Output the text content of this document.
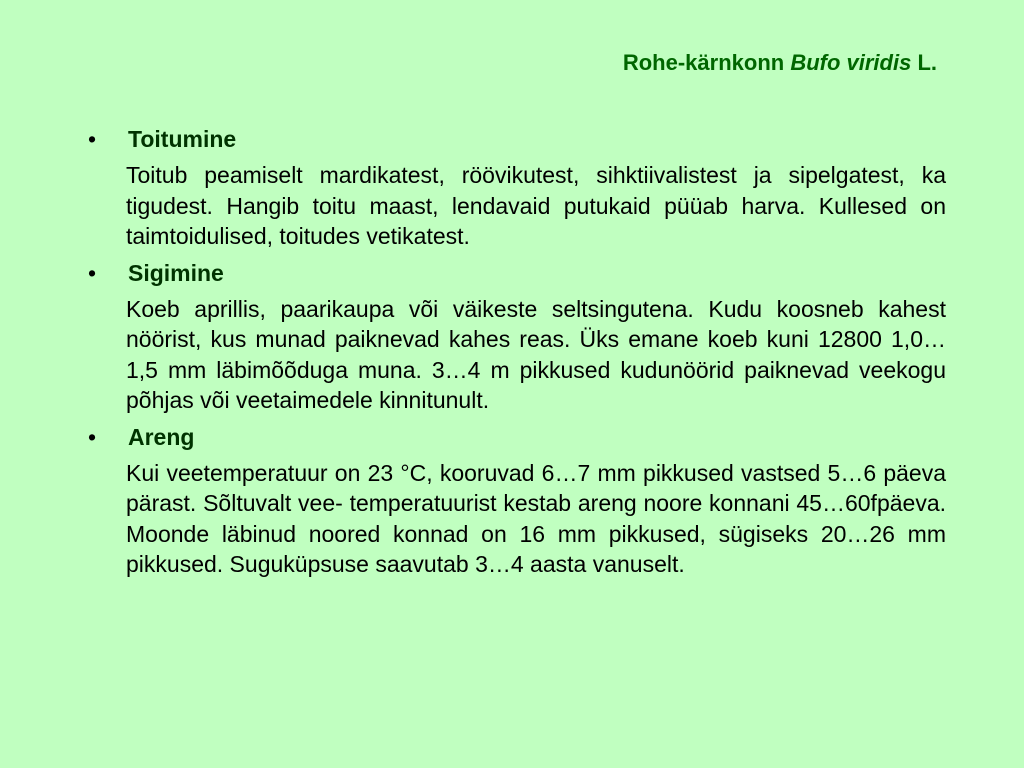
Rohe-kärnkonn Bufo viridis L.
•	Toitumine
Toitub peamiselt mardikatest, röövikutest, sihktiivalistest ja sipelgatest, ka tigudest. Hangib toitu maast, lendavaid putukaid püüab harva. Kullesed on taimtoidulised, toitudes vetikatest.
•	Sigimine
Koeb aprillis, paarikaupa või väikeste seltsingutena. Kudu koosneb kahest nöörist, kus munad paiknevad kahes reas. Üks emane koeb kuni 12800 1,0…1,5 mm läbimõõduga muna. 3…4 m pikkused kudunöörid paiknevad veekogu põhjas või veetaimedele kinnitunult.
•	Areng
Kui veetemperatuur on 23 °C, kooruvad 6…7 mm pikkused vastsed 5…6 päeva pärast. Sõltuvalt vee- temperatuurist kestab areng noore konnani 45…60fpäeva. Moonde läbinud noored konnad on 16 mm pikkused, sügiseks 20…26 mm pikkused. Suguküpsuse saavutab 3…4 aasta vanuselt.
